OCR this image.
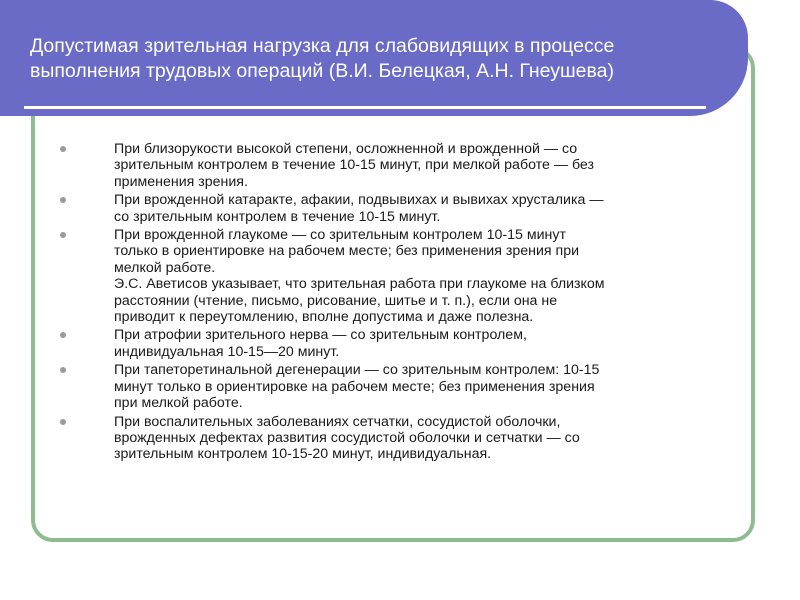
Допустимая зрительная нагрузка для слабовидящих в процессе
выполнения трудовых операций (В.И. Белецкая, А.Н. Гнеушева)
При близорукости высокой степени, осложненной и врожденной — со
зрительным контролем в течение 10-15 минут, при мелкой работе — без
применения зрения.
При врожденной катаракте, афакии, подвывихах и вывихах хрусталика —
со зрительным контролем в течение 10-15 минут.
При врожденной глаукоме — со зрительным контролем 10-15 минут
только в ориентировке на рабочем месте; без применения зрения при
мелкой работе.
Э.С. Аветисов указывает, что зрительная работа при глаукоме на близком
расстоянии (чтение, письмо, рисование, шитье и т. п.), если она не
приводит к переутомлению, вполне допустима и даже полезна.
При атрофии зрительного нерва — со зрительным контролем,
индивидуальная 10-15—20 минут.
При тапеторетинальной дегенерации — со зрительным контролем: 10-15
минут только в ориентировке на рабочем месте; без применения зрения
при мелкой работе.
При воспалительных заболеваниях сетчатки, сосудистой оболочки,
врожденных дефектах развития сосудистой оболочки и сетчатки — со
зрительным контролем 10-15-20 минут, индивидуальная.
